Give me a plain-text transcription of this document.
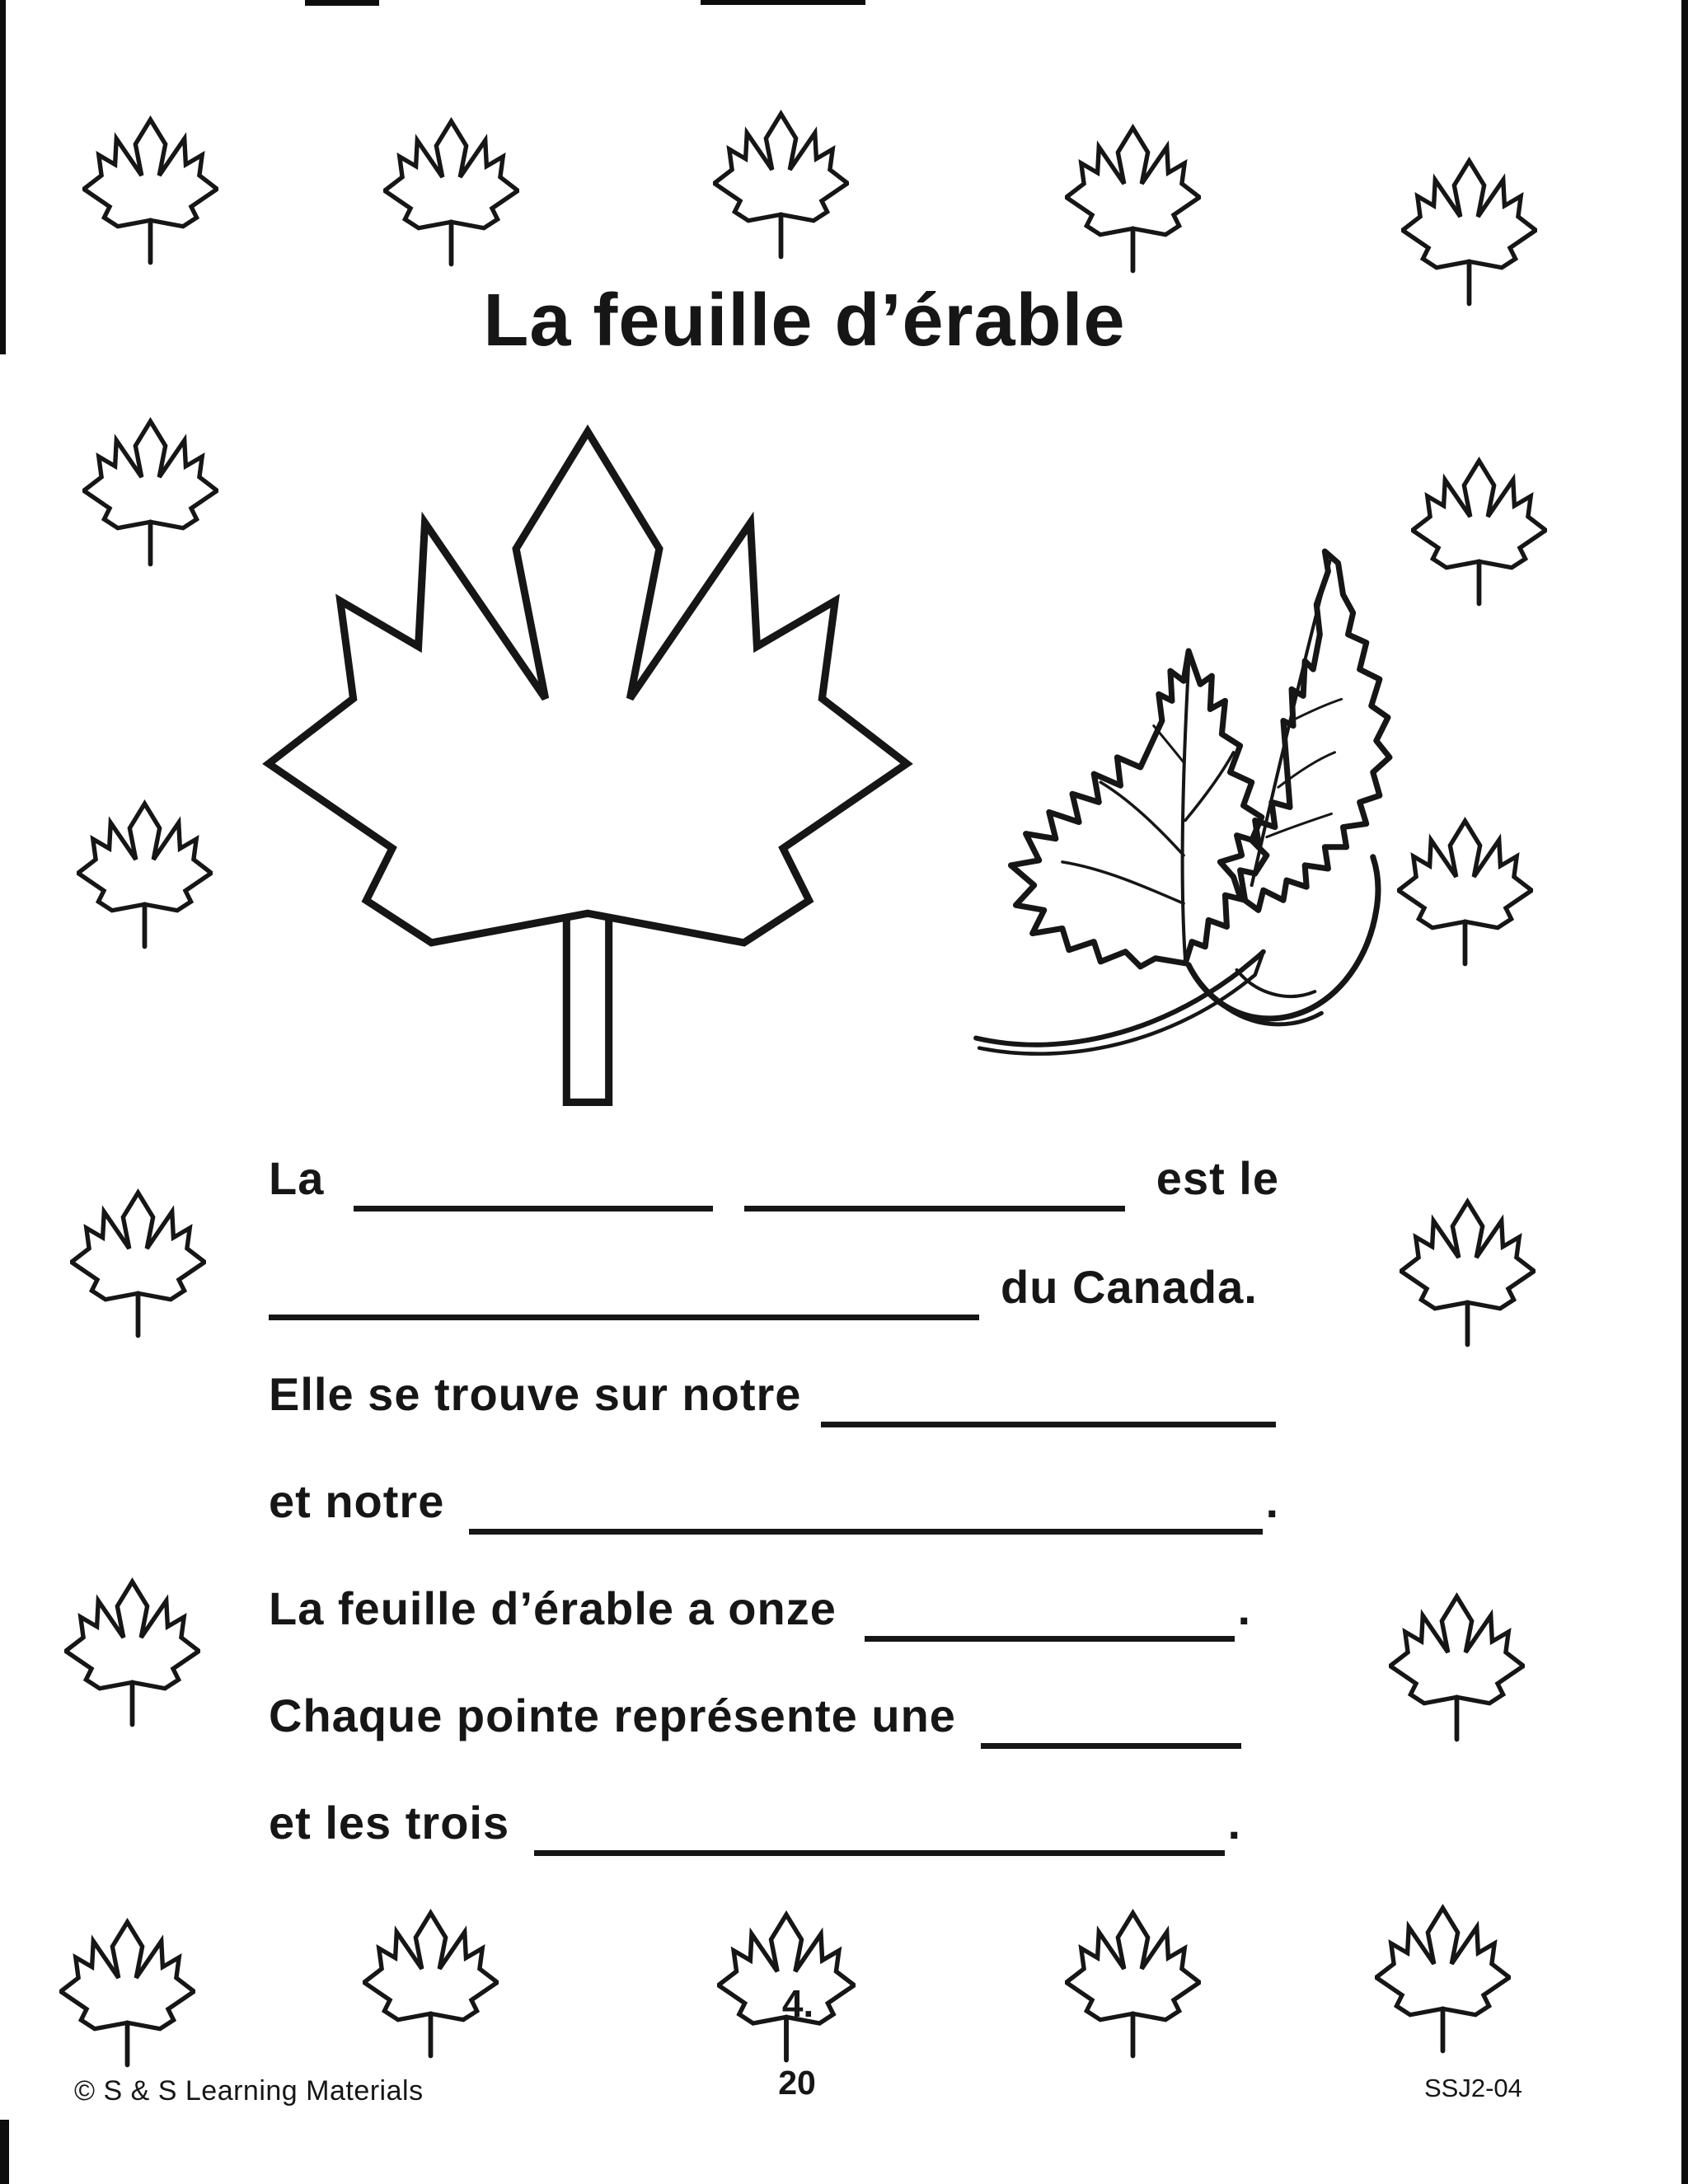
La feuille d’érable
La	est le
du Canada.
Elle se trouve sur notre
et notre	.
La feuille d’érable a onze	.
Chaque pointe représente une
et les trois	.
4.
20
© S & S Learning Materials	SSJ2-04
